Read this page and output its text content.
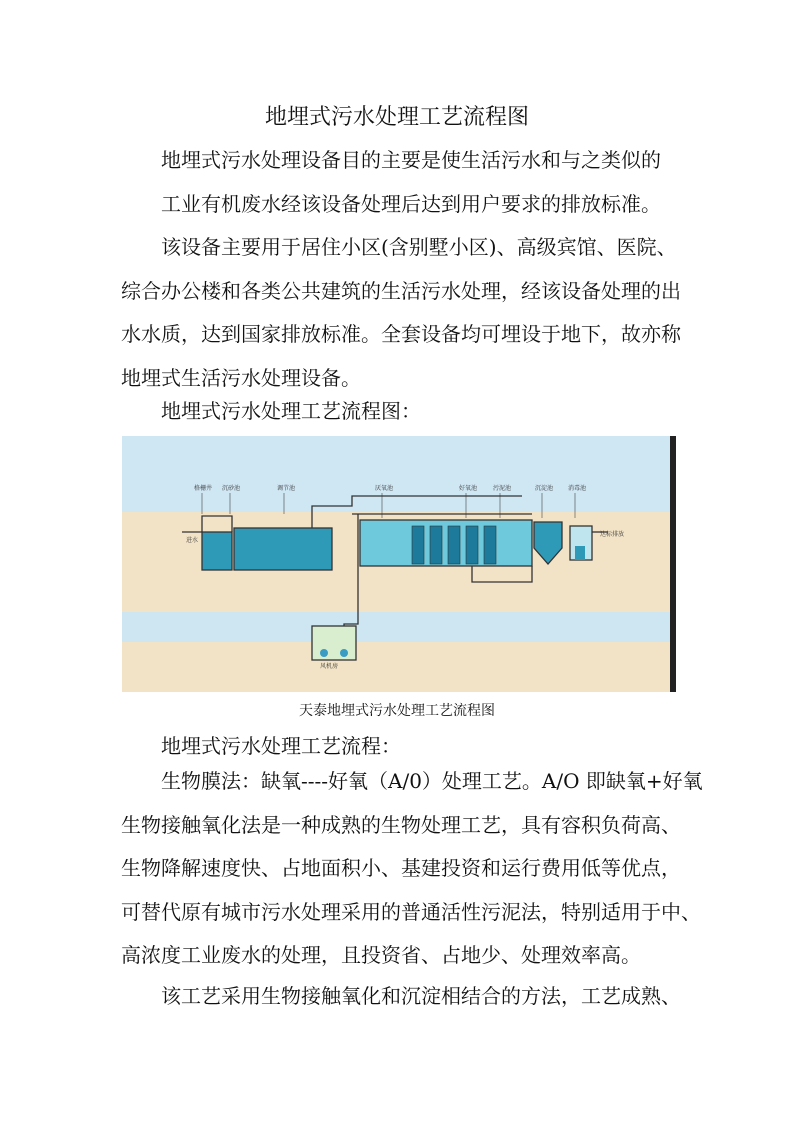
地埋式污水处理工艺流程图
地埋式污水处理设备目的主要是使生活污水和与之类似的
工业有机废水经该设备处理后达到用户要求的排放标准。
该设备主要用于居住小区(含别墅小区)、高级宾馆、医院、
综合办公楼和各类公共建筑的生活污水处理，经该设备处理的出
水水质，达到国家排放标准。全套设备均可埋设于地下，故亦称
地埋式生活污水处理设备。
地埋式污水处理工艺流程图：
格栅井 沉砂池	调节池	厌氧池	好氧池	污泥池	沉淀池 消毒池
进水
达标排放
风机房
天泰地埋式污水处理工艺流程图
地埋式污水处理工艺流程：
生物膜法：缺氧----好氧（A/0）处理工艺。A/O 即缺氧+好氧
生物接触氧化法是一种成熟的生物处理工艺，具有容积负荷高、
生物降解速度快、占地面积小、基建投资和运行费用低等优点，
可替代原有城市污水处理采用的普通活性污泥法，特别适用于中、
高浓度工业废水的处理，且投资省、占地少、处理效率高。
该工艺采用生物接触氧化和沉淀相结合的方法，工艺成熟、
